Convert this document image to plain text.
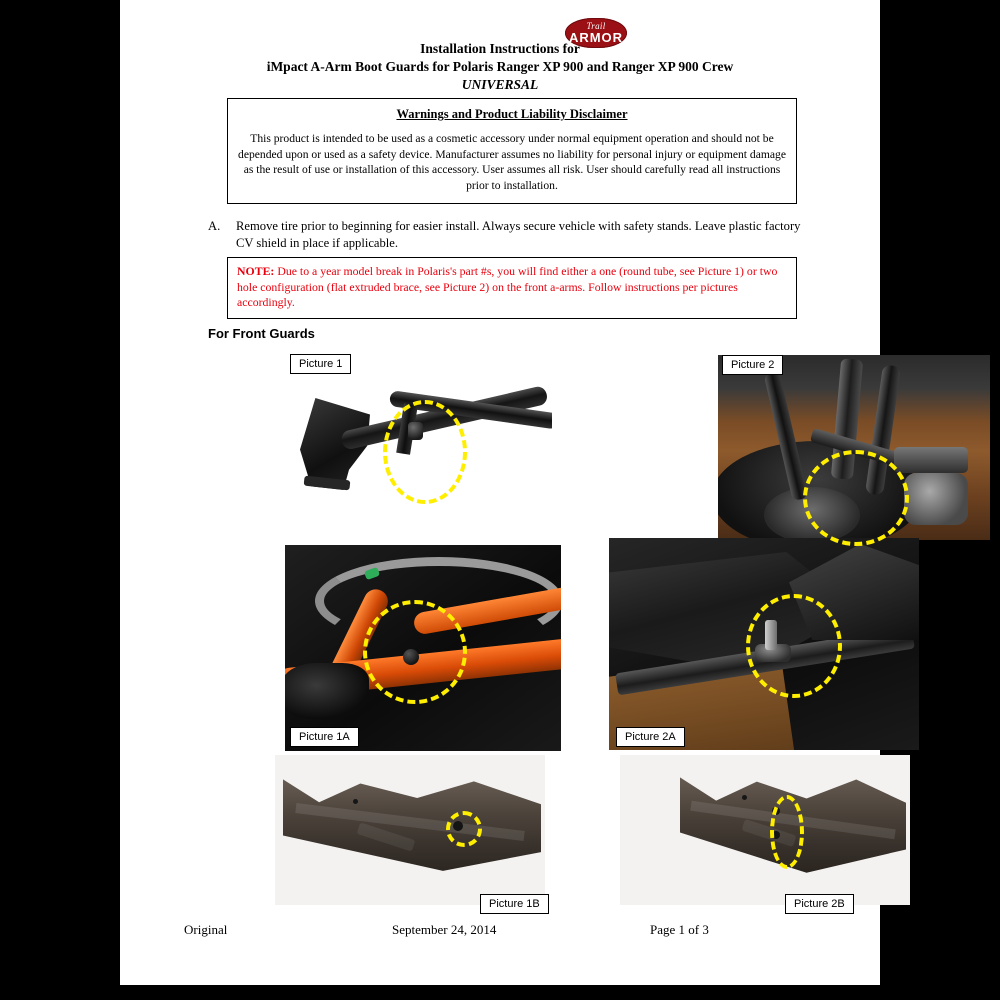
Trail
ARMOR
Installation Instructions for
iMpact A-Arm Boot Guards for Polaris Ranger XP 900 and Ranger XP 900 Crew
UNIVERSAL
Warnings and Product Liability Disclaimer
This product is intended to be used as a cosmetic accessory under normal equipment operation and should not be depended upon or used as a safety device. Manufacturer assumes no liability for personal injury or equipment damage as the result of use or installation of this accessory. User assumes all risk. User should carefully read all instructions prior to installation.
A.	Remove tire prior to beginning for easier install. Always secure vehicle with safety stands. Leave plastic factory CV shield in place if applicable.
NOTE: Due to a year model break in Polaris's part #s, you will find either a one (round tube, see Picture 1) or two hole configuration (flat extruded brace, see Picture 2) on the front a-arms. Follow instructions per pictures accordingly.
For Front Guards
Picture 1	Picture 2
Picture 1A	Picture 2A
Picture 1B	Picture 2B
Original	September 24, 2014	Page 1 of 3
